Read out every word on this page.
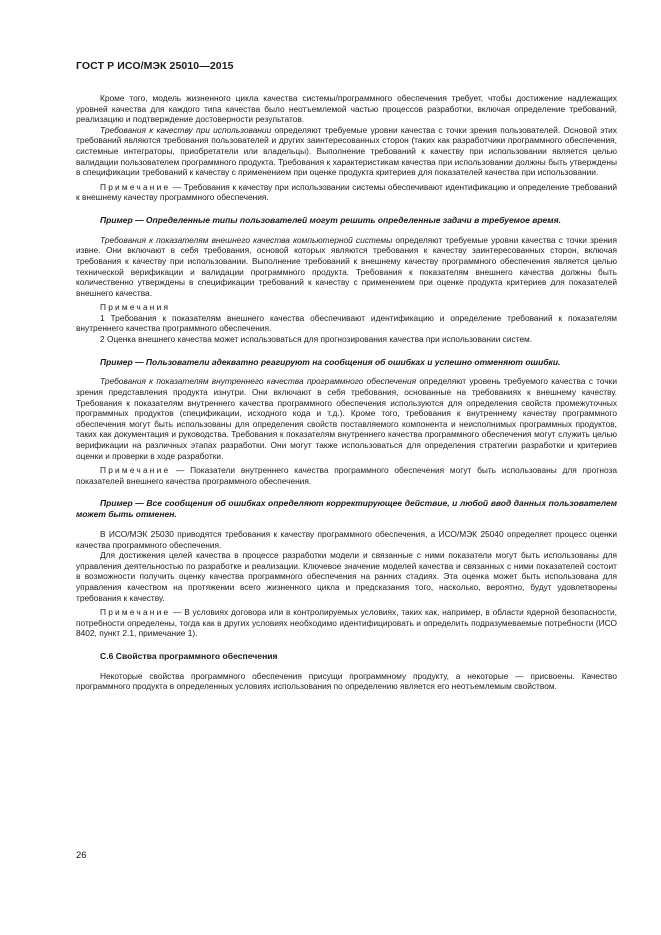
ГОСТ Р ИСО/МЭК 25010—2015

Кроме того, модель жизненного цикла качества системы/программного обеспечения требует, чтобы достижение надлежащих уровней качества для каждого типа качества было неотъемлемой частью процессов разработки, включая определение требований, реализацию и подтверждение достоверности результатов.

Требования к качеству при использовании определяют требуемые уровни качества с точки зрения пользователей. Основой этих требований являются требования пользователей и других заинтересованных сторон (таких как разработчики программного обеспечения, системные интеграторы, приобретатели или владельцы). Выполнение требований к качеству при использовании является целью валидации пользователем программного продукта. Требования к характеристикам качества при использовании должны быть утверждены в спецификации требований к качеству с применением при оценке продукта критериев для показателей качества при использовании.

Примечание — Требования к качеству при использовании системы обеспечивают идентификацию и определение требований к внешнему качеству программного обеспечения.

Пример — Определенные типы пользователей могут решить определенные задачи в требуемое время.

Требования к показателям внешнего качества компьютерной системы определяют требуемые уровни качества с точки зрения извне. Они включают в себя требования, основой которых являются требования к качеству заинтересованных сторон, включая требования к качеству при использовании. Выполнение требований к внешнему качеству программного обеспечения является целью технической верификации и валидации программного продукта. Требования к показателям внешнего качества должны быть количественно утверждены в спецификации требований к качеству с применением при оценке продукта критериев для показателей внешнего качества.

Примечания

1 Требования к показателям внешнего качества обеспечивают идентификацию и определение требований к показателям внутреннего качества программного обеспечения.

2 Оценка внешнего качества может использоваться для прогнозирования качества при использовании систем.

Пример — Пользователи адекватно реагируют на сообщения об ошибках и успешно отменяют ошибки.

Требования к показателям внутреннего качества программного обеспечения определяют уровень требуемого качества с точки зрения представления продукта изнутри. Они включают в себя требования, основанные на требованиях к внешнему качеству. Требования к показателям внутреннего качества программного обеспечения используются для определения свойств промежуточных программных продуктов (спецификации, исходного кода и т.д.). Кроме того, требования к внутреннему качеству программного обеспечения могут быть использованы для определения свойств поставляемого компонента и неисполнимых программных продуктов, таких как документация и руководства. Требования к показателям внутреннего качества программного обеспечения могут служить целью верификации на различных этапах разработки. Они могут также использоваться для определения стратегии разработки и критериев оценки и проверки в ходе разработки.

Примечание — Показатели внутреннего качества программного обеспечения могут быть использованы для прогноза показателей внешнего качества программного обеспечения.

Пример — Все сообщения об ошибках определяют корректирующее действие, и любой ввод данных пользователем может быть отменен.

В ИСО/МЭК 25030 приводятся требования к качеству программного обеспечения, а ИСО/МЭК 25040 определяет процесс оценки качества программного обеспечения.

Для достижения целей качества в процессе разработки модели и связанные с ними показатели могут быть использованы для управления деятельностью по разработке и реализации. Ключевое значение моделей качества и связанных с ними показателей состоит в возможности получить оценку качества программного обеспечения на ранних стадиях. Эта оценка может быть использована для управления качеством на протяжении всего жизненного цикла и предсказания того, насколько, вероятно, будут удовлетворены требования к качеству.

Примечание — В условиях договора или в контролируемых условиях, таких как, например, в области ядерной безопасности, потребности определены, тогда как в других условиях необходимо идентифицировать и определить подразумеваемые потребности (ИСО 8402, пункт 2.1, примечание 1).

С.6 Свойства программного обеспечения

Некоторые свойства программного обеспечения присущи программному продукту, а некоторые — присвоены. Качество программного продукта в определенных условиях использования по определению является его неотъемлемым свойством.

26
